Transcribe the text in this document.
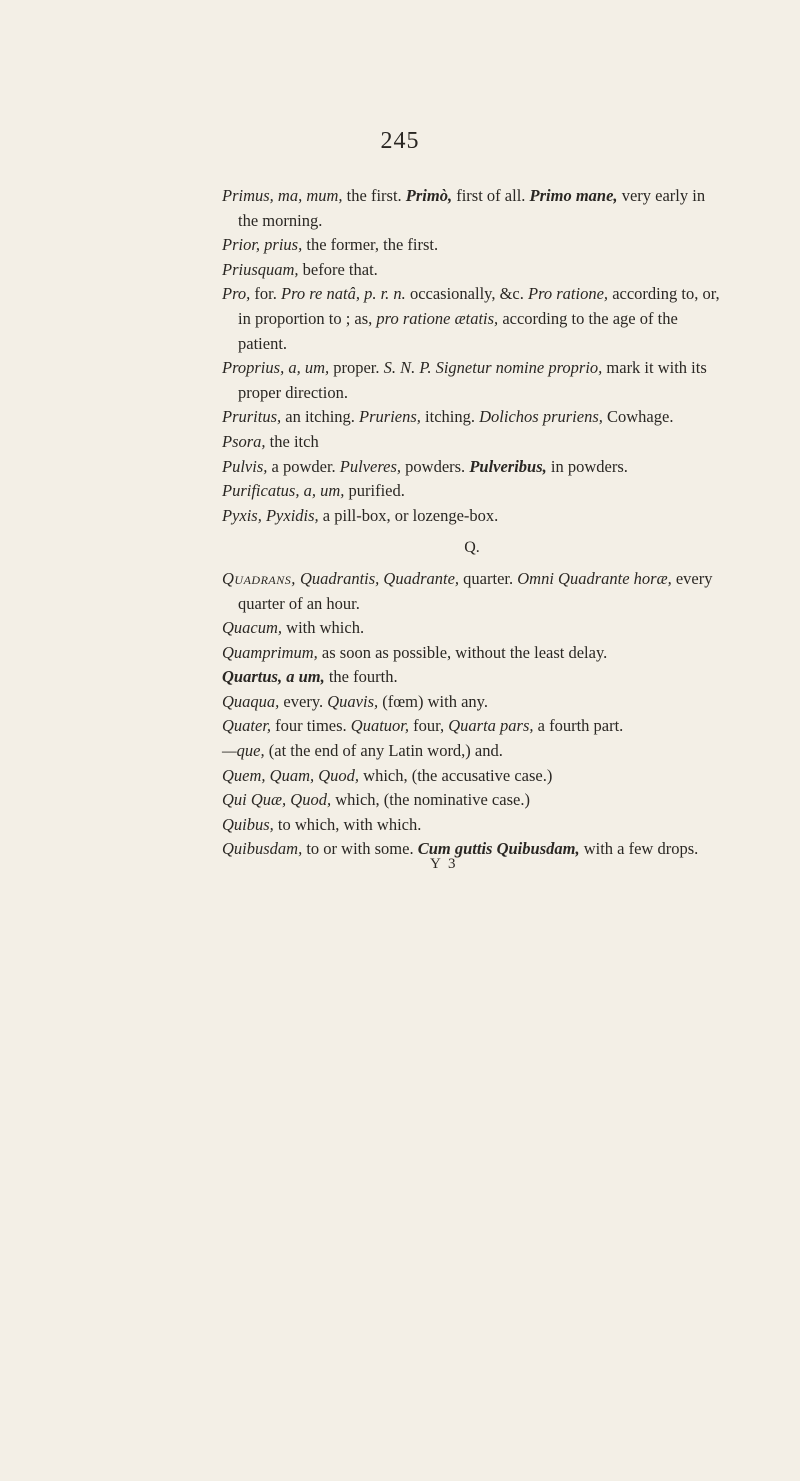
245
Primus, ma, mum, the first. Primò, first of all. Primo mane, very early in the morning.
Prior, prius, the former, the first.
Priusquam, before that.
Pro, for. Pro re natâ, p. r. n. occasionally, &c. Pro ratione, according to, or, in proportion to ; as, pro ratione ætatis, according to the age of the patient.
Proprius, a, um, proper. S. N. P. Signetur nomine proprio, mark it with its proper direction.
Pruritus, an itching. Pruriens, itching. Dolichos pruriens, Cowhage.
Psora, the itch
Pulvis, a powder. Pulveres, powders. Pulveribus, in powders.
Purificatus, a, um, purified.
Pyxis, Pyxidis, a pill-box, or lozenge-box.
Q.
Quadrans, Quadrantis, Quadrante, quarter. Omni Quadrante horæ, every quarter of an hour.
Quacum, with which.
Quamprimum, as soon as possible, without the least delay.
Quartus, a um, the fourth.
Quaqua, every. Quavis, (fœm) with any.
Quater, four times. Quatuor, four, Quarta pars, a fourth part.
—que, (at the end of any Latin word,) and.
Quem, Quam, Quod, which, (the accusative case.)
Qui Quæ, Quod, which, (the nominative case.)
Quibus, to which, with which.
Quibusdam, to or with some. Cum guttis Quibusdam, with a few drops.
Y 3
